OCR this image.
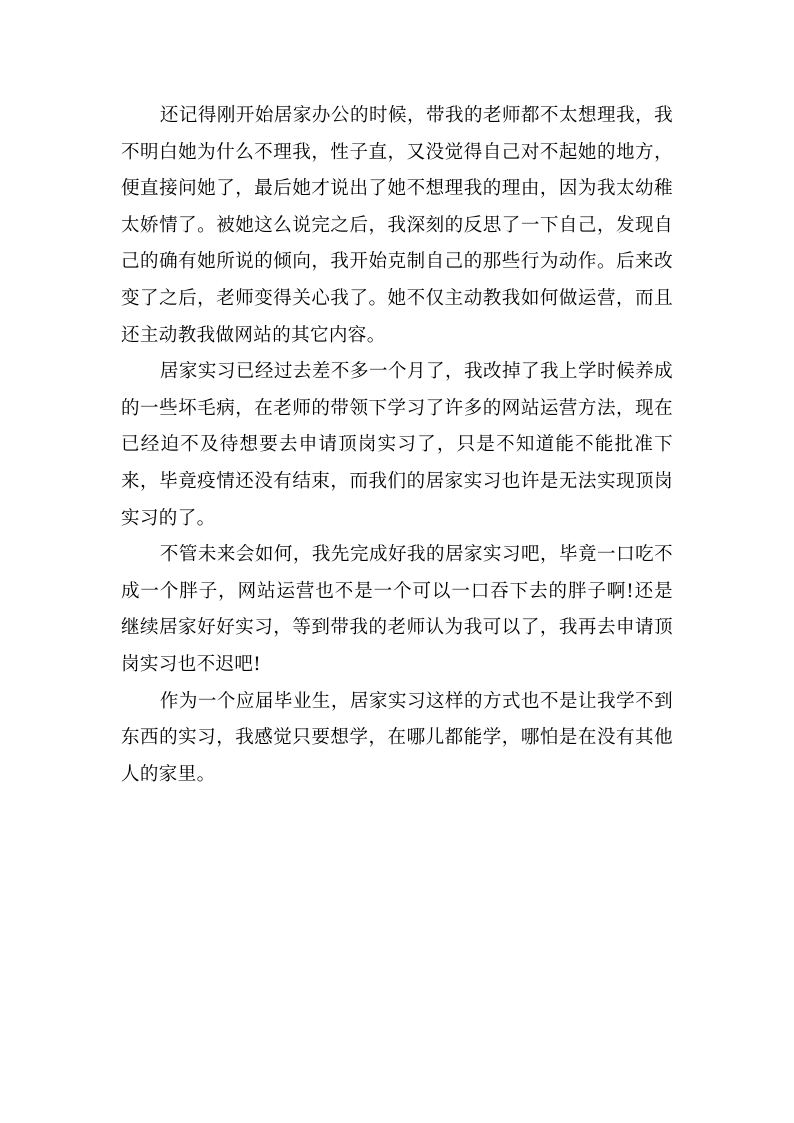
还记得刚开始居家办公的时候，带我的老师都不太想理我，我不明白她为什么不理我，性子直，又没觉得自己对不起她的地方，便直接问她了，最后她才说出了她不想理我的理由，因为我太幼稚太娇情了。被她这么说完之后，我深刻的反思了一下自己，发现自己的确有她所说的倾向，我开始克制自己的那些行为动作。后来改变了之后，老师变得关心我了。她不仅主动教我如何做运营，而且还主动教我做网站的其它内容。

居家实习已经过去差不多一个月了，我改掉了我上学时候养成的一些坏毛病，在老师的带领下学习了许多的网站运营方法，现在已经迫不及待想要去申请顶岗实习了，只是不知道能不能批准下来，毕竟疫情还没有结束，而我们的居家实习也许是无法实现顶岗实习的了。

不管未来会如何，我先完成好我的居家实习吧，毕竟一口吃不成一个胖子，网站运营也不是一个可以一口吞下去的胖子啊!还是继续居家好好实习，等到带我的老师认为我可以了，我再去申请顶岗实习也不迟吧!

作为一个应届毕业生，居家实习这样的方式也不是让我学不到东西的实习，我感觉只要想学，在哪儿都能学，哪怕是在没有其他人的家里。
